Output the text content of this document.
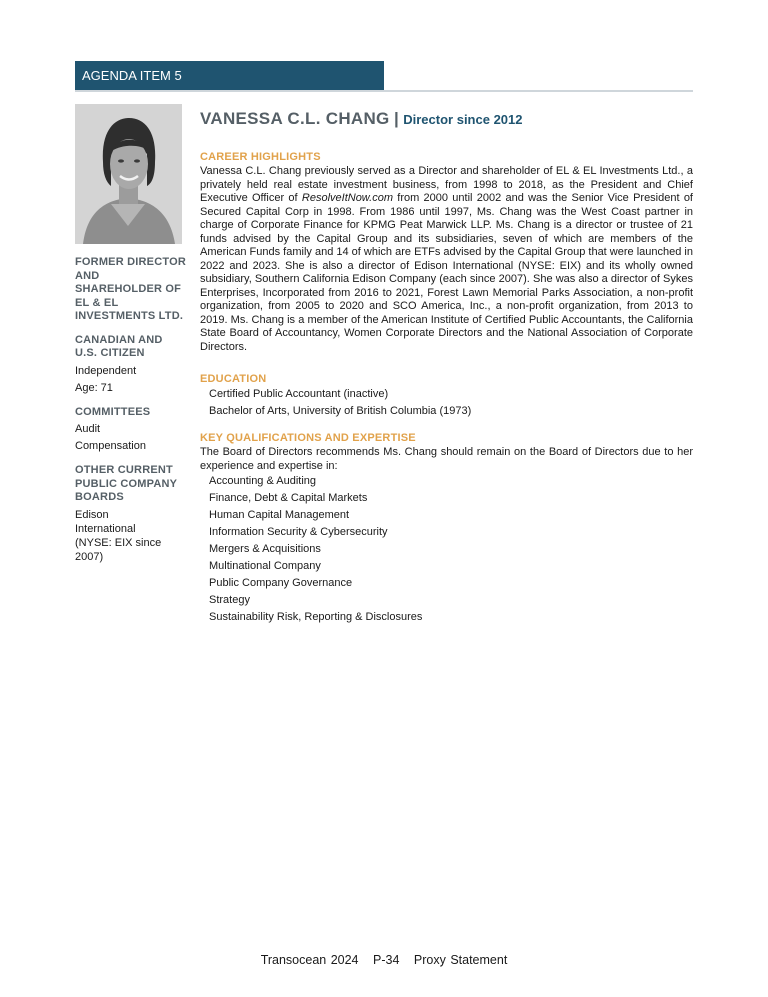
AGENDA ITEM 5
FORMER DIRECTOR AND SHAREHOLDER OF EL & EL INVESTMENTS LTD.
CANADIAN AND U.S. CITIZEN
Independent
Age: 71
COMMITTEES
Audit
Compensation
OTHER CURRENT PUBLIC COMPANY BOARDS
Edison International (NYSE: EIX since 2007)

VANESSA C.L. CHANG | Director since 2012

CAREER HIGHLIGHTS

Vanessa C.L. Chang previously served as a Director and shareholder of EL & EL Investments Ltd., a privately held real estate investment business, from 1998 to 2018, as the President and Chief Executive Officer of ResolveItNow.com from 2000 until 2002 and was the Senior Vice President of Secured Capital Corp in 1998. From 1986 until 1997, Ms. Chang was the West Coast partner in charge of Corporate Finance for KPMG Peat Marwick LLP. Ms. Chang is a director or trustee of 21 funds advised by the Capital Group and its subsidiaries, seven of which are members of the American Funds family and 14 of which are ETFs advised by the Capital Group that were launched in 2022 and 2023. She is also a director of Edison International (NYSE: EIX) and its wholly owned subsidiary, Southern California Edison Company (each since 2007). She was also a director of Sykes Enterprises, Incorporated from 2016 to 2021, Forest Lawn Memorial Parks Association, a non-profit organization, from 2005 to 2020 and SCO America, Inc., a non-profit organization, from 2013 to 2019. Ms. Chang is a member of the American Institute of Certified Public Accountants, the California State Board of Accountancy, Women Corporate Directors and the National Association of Corporate Directors.

EDUCATION
Certified Public Accountant (inactive)
Bachelor of Arts, University of British Columbia (1973)
KEY QUALIFICATIONS AND EXPERTISE

The Board of Directors recommends Ms. Chang should remain on the Board of Directors due to her experience and expertise in:

Accounting & Auditing
Finance, Debt & Capital Markets
Human Capital Management
Information Security & Cybersecurity
Mergers & Acquisitions
Multinational Company
Public Company Governance
Strategy
Sustainability Risk, Reporting & Disclosures
Transocean 2024 P-34 Proxy Statement
